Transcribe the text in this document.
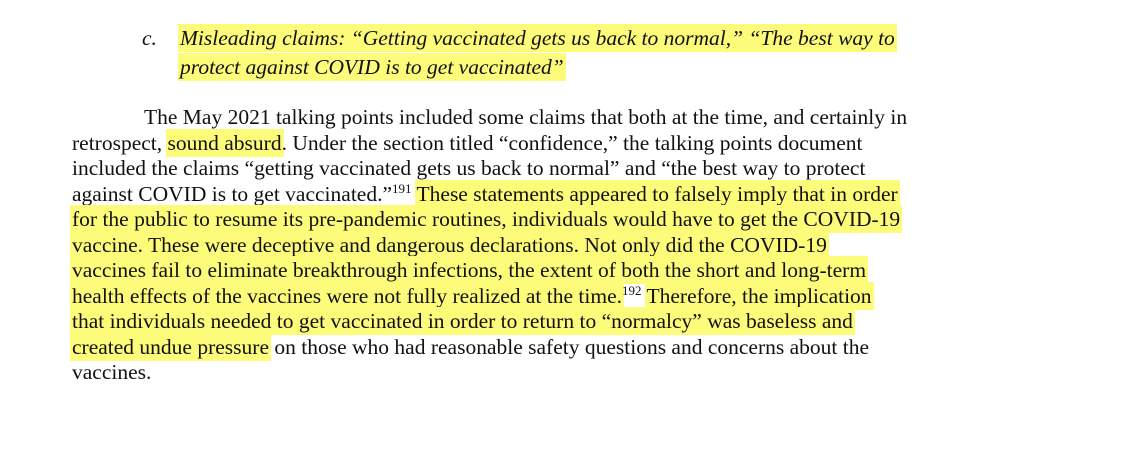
c. Misleading claims: “Getting vaccinated gets us back to normal,” “The best way to
protect against COVID is to get vaccinated”
The May 2021 talking points included some claims that both at the time, and certainly in
retrospect, sound absurd. Under the section titled “confidence,” the talking points document
included the claims “getting vaccinated gets us back to normal” and “the best way to protect
against COVID is to get vaccinated.”$^{191}$ These statements appeared to falsely imply that in order
for the public to resume its pre-pandemic routines, individuals would have to get the COVID-19
vaccine. These were deceptive and dangerous declarations. Not only did the COVID-19
vaccines fail to eliminate breakthrough infections, the extent of both the short and long-term
health effects of the vaccines were not fully realized at the time.$^{192}$ Therefore, the implication
that individuals needed to get vaccinated in order to return to “normalcy” was baseless and
created undue pressure on those who had reasonable safety questions and concerns about the
vaccines.
